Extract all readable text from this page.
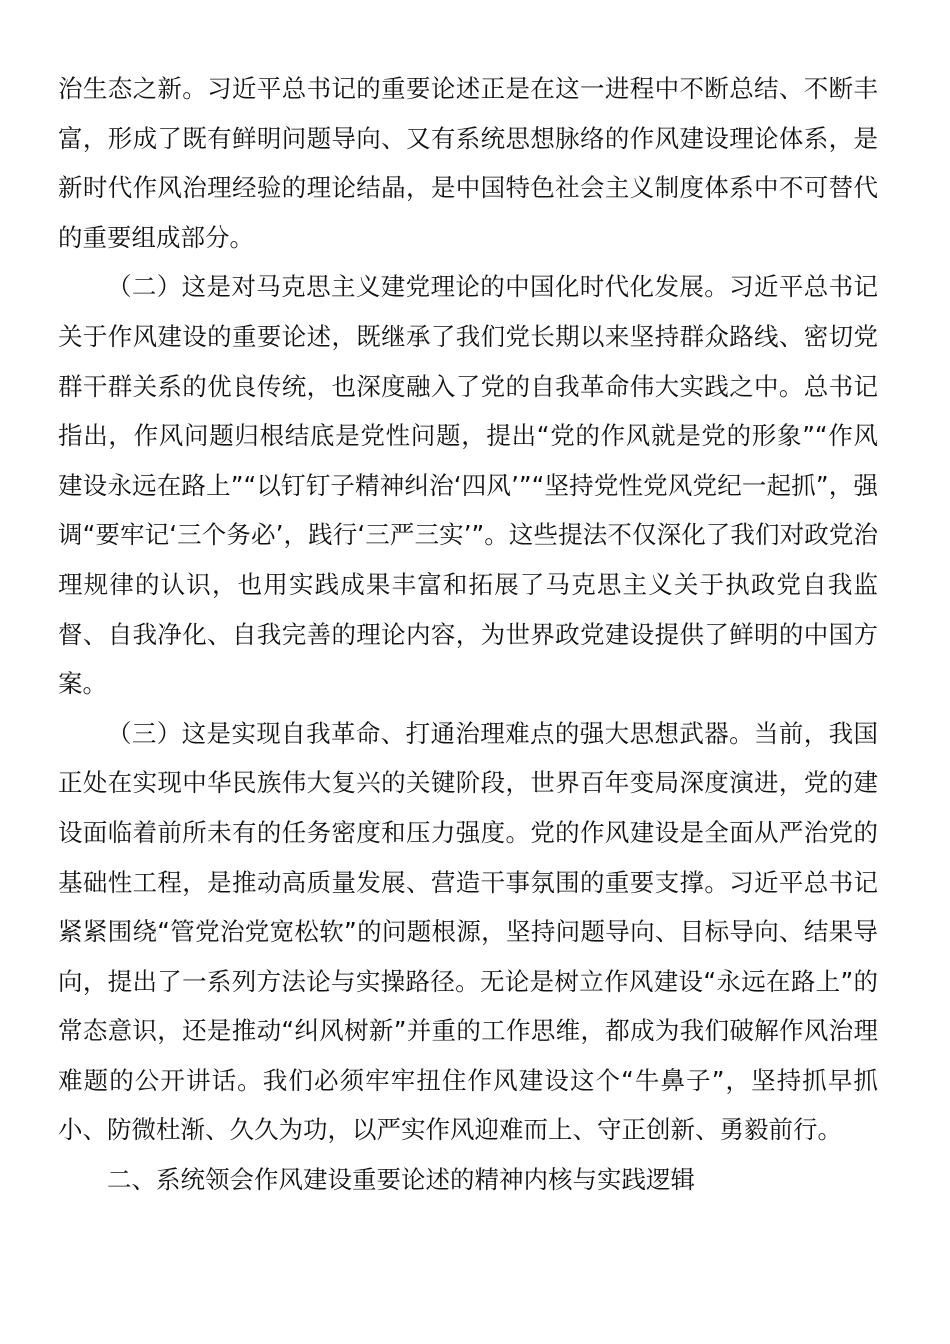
治生态之新。习近平总书记的重要论述正是在这一进程中不断总结、不断丰富，形成了既有鲜明问题导向、又有系统思想脉络的作风建设理论体系，是新时代作风治理经验的理论结晶，是中国特色社会主义制度体系中不可替代的重要组成部分。

（二）这是对马克思主义建党理论的中国化时代化发展。习近平总书记关于作风建设的重要论述，既继承了我们党长期以来坚持群众路线、密切党群干群关系的优良传统，也深度融入了党的自我革命伟大实践之中。总书记指出，作风问题归根结底是党性问题，提出“党的作风就是党的形象”“作风建设永远在路上”“以钉钉子精神纠治‘四风’”“坚持党性党风党纪一起抓”，强调“要牢记‘三个务必’，践行‘三严三实’”。这些提法不仅深化了我们对政党治理规律的认识，也用实践成果丰富和拓展了马克思主义关于执政党自我监督、自我净化、自我完善的理论内容，为世界政党建设提供了鲜明的中国方案。

（三）这是实现自我革命、打通治理难点的强大思想武器。当前，我国正处在实现中华民族伟大复兴的关键阶段，世界百年变局深度演进，党的建设面临着前所未有的任务密度和压力强度。党的作风建设是全面从严治党的基础性工程，是推动高质量发展、营造干事氛围的重要支撑。习近平总书记紧紧围绕“管党治党宽松软”的问题根源，坚持问题导向、目标导向、结果导向，提出了一系列方法论与实操路径。无论是树立作风建设“永远在路上”的常态意识，还是推动“纠风树新”并重的工作思维，都成为我们破解作风治理难题的公开讲话。我们必须牢牢扭住作风建设这个“牛鼻子”，坚持抓早抓小、防微杜渐、久久为功，以严实作风迎难而上、守正创新、勇毅前行。

二、系统领会作风建设重要论述的精神内核与实践逻辑
